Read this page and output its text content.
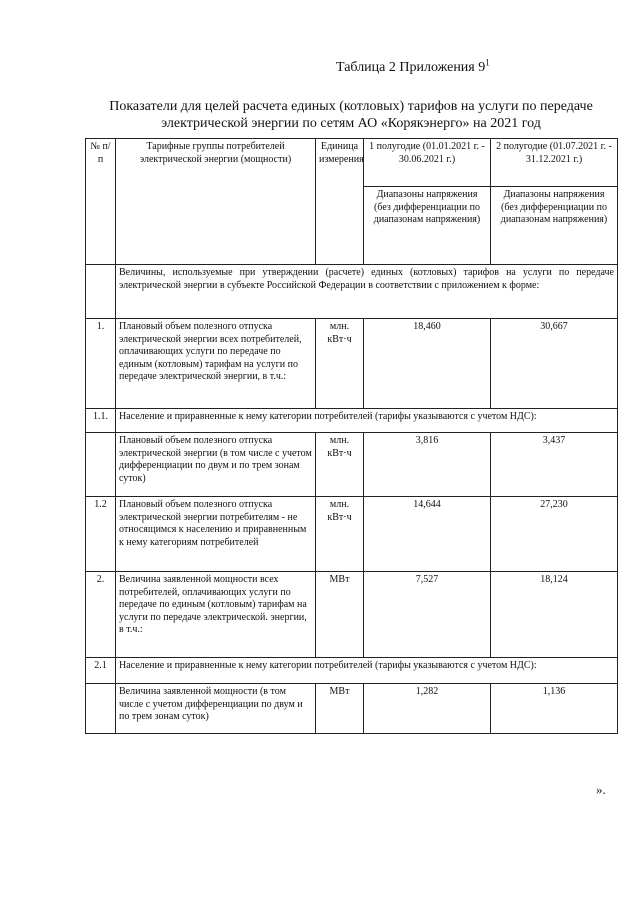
Таблица 2 Приложения $9^1$
Показатели для целей расчета единых (котловых) тарифов на услуги по передаче электрической энергии по сетям АО «Корякэнерго» на 2021 год
№ п/п	Тарифные группы потребителей электрической энергии (мощности)	Единица измерения	1 полугодие (01.01.2021 г. - 30.06.2021 г.)	2 полугодие (01.07.2021 г. - 31.12.2021 г.)
			Диапазоны напряжения (без дифференциации по диапазонам напряжения)	Диапазоны напряжения (без дифференциации по диапазонам напряжения)
	Величины, используемые при утверждении (расчете) единых (котловых) тарифов на услуги по передаче электрической энергии в субъекте Российской Федерации в соответствии с приложением к форме:			
1.	Плановый объем полезного отпуска электрической энергии всех потребителей, оплачивающих услуги по передаче по единым (котловым) тарифам на услуги по передаче электрической энергии, в т.ч.:	млн. кВт·ч	18,460	30,667
1.1.	Население и приравненные к нему категории потребителей (тарифы указываются с учетом НДС):			
	Плановый объем полезного отпуска электрической энергии (в том числе с учетом дифференциации по двум и по трем зонам суток)	млн. кВт·ч	3,816	3,437
1.2	Плановый объем полезного отпуска электрической энергии потребителям - не относящимся к населению и приравненным к нему категориям потребителей	млн. кВт·ч	14,644	27,230
2.	Величина заявленной мощности всех потребителей, оплачивающих услуги по передаче по единым (котловым) тарифам на услуги по передаче электрической. энергии, в т.ч.:	МВт	7,527	18,124
2.1	Население и приравненные к нему категории потребителей (тарифы указываются с учетом НДС):			
	Величина заявленной мощности (в том числе с учетом дифференциации по двум и по трем зонам суток)	МВт	1,282	1,136
».
